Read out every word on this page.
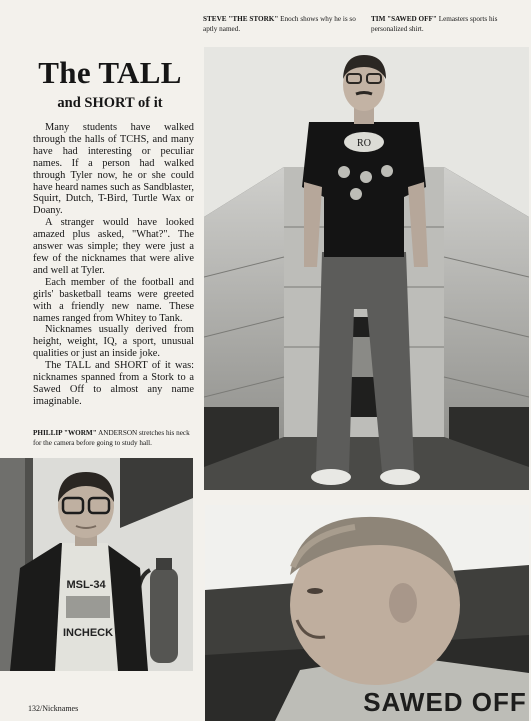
STEVE "THE STORK" Enoch shows why he is so aptly named.
TIM "SAWED OFF" Lemasters sports his personalized shirt.
The TALL
and SHORT of it

Many students have walked through the halls of TCHS, and many have had interesting or peculiar names. If a person had walked through Tyler now, he or she could have heard names such as Sandblaster, Squirt, Dutch, T-Bird, Turtle Wax or Doany.

A stranger would have looked amazed plus asked, "What?". The answer was simple; they were just a few of the nicknames that were alive and well at Tyler.

Each member of the football and girls' basketball teams were greeted with a friendly new name. These names ranged from Whitey to Tank.

Nicknames usually derived from height, weight, IQ, a sport, unusual qualities or just an inside joke.

The TALL and SHORT of it was: nicknames spanned from a Stork to a Sawed Off to almost any name imaginable.

PHILLIP "WORM" ANDERSON stretches his neck for the camera before going to study hall.
RO
MSL-34
INCHECK
SAWED OFF
132/Nicknames
